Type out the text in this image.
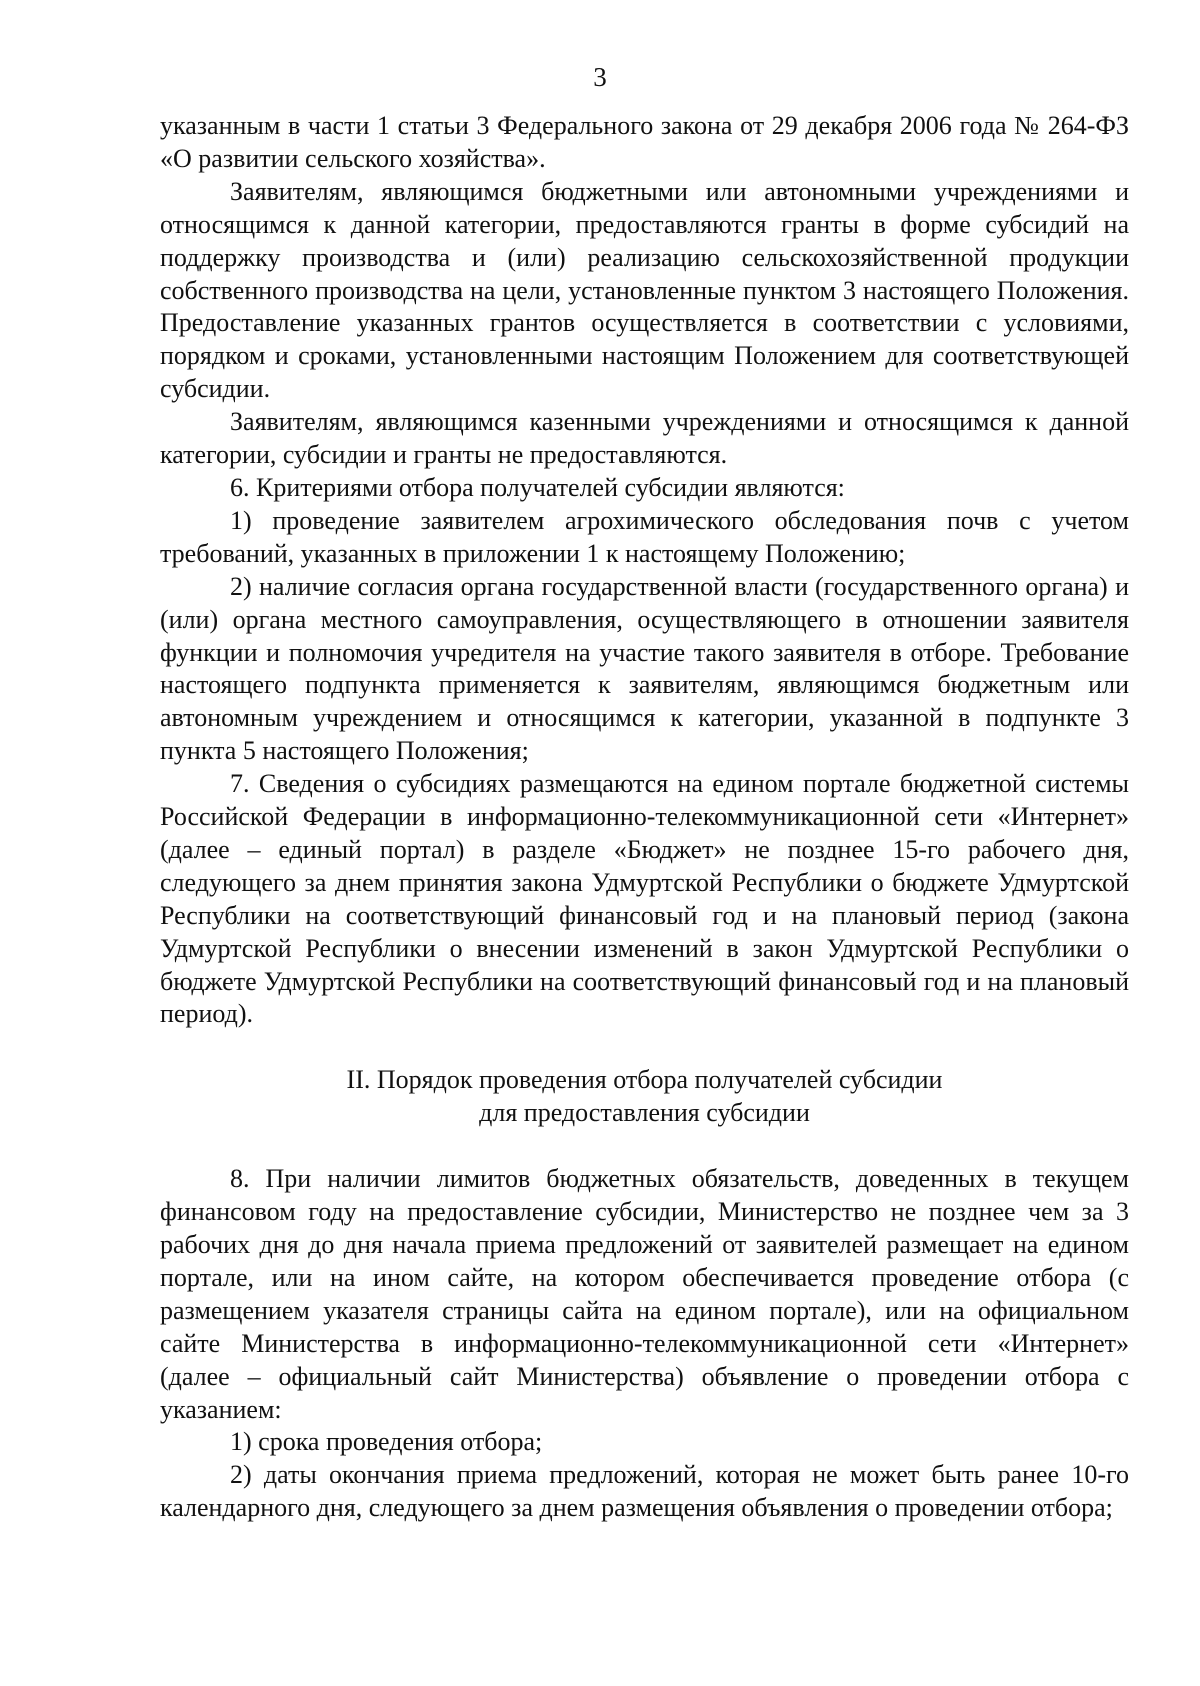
3

указанным в части 1 статьи 3 Федерального закона от 29 декабря 2006 года № 264-ФЗ «О развитии сельского хозяйства».

Заявителям, являющимся бюджетными или автономными учреждениями и относящимся к данной категории, предоставляются гранты в форме субсидий на поддержку производства и (или) реализацию сельскохозяйственной продукции собственного производства на цели, установленные пунктом 3 настоящего Положения. Предоставление указанных грантов осуществляется в соответствии с условиями, порядком и сроками, установленными настоящим Положением для соответствующей субсидии.

Заявителям, являющимся казенными учреждениями и относящимся к данной категории, субсидии и гранты не предоставляются.

6. Критериями отбора получателей субсидии являются:

1) проведение заявителем агрохимического обследования почв с учетом требований, указанных в приложении 1 к настоящему Положению;

2) наличие согласия органа государственной власти (государственного органа) и (или) органа местного самоуправления, осуществляющего в отношении заявителя функции и полномочия учредителя на участие такого заявителя в отборе. Требование настоящего подпункта применяется к заявителям, являющимся бюджетным или автономным учреждением и относящимся к категории, указанной в подпункте 3 пункта 5 настоящего Положения;

7. Сведения о субсидиях размещаются на едином портале бюджетной системы Российской Федерации в информационно-телекоммуникационной сети «Интернет» (далее – единый портал) в разделе «Бюджет» не позднее 15-го рабочего дня, следующего за днем принятия закона Удмуртской Республики о бюджете Удмуртской Республики на соответствующий финансовый год и на плановый период (закона Удмуртской Республики о внесении изменений в закон Удмуртской Республики о бюджете Удмуртской Республики на соответствующий финансовый год и на плановый период).

II. Порядок проведения отбора получателей субсидии

для предоставления субсидии

8. При наличии лимитов бюджетных обязательств, доведенных в текущем финансовом году на предоставление субсидии, Министерство не позднее чем за 3 рабочих дня до дня начала приема предложений от заявителей размещает на едином портале, или на ином сайте, на котором обеспечивается проведение отбора (с размещением указателя страницы сайта на едином портале), или на официальном сайте Министерства в информационно-телекоммуникационной сети «Интернет» (далее – официальный сайт Министерства) объявление о проведении отбора с указанием:

1) срока проведения отбора;

2) даты окончания приема предложений, которая не может быть ранее 10-го календарного дня, следующего за днем размещения объявления о проведении отбора;
